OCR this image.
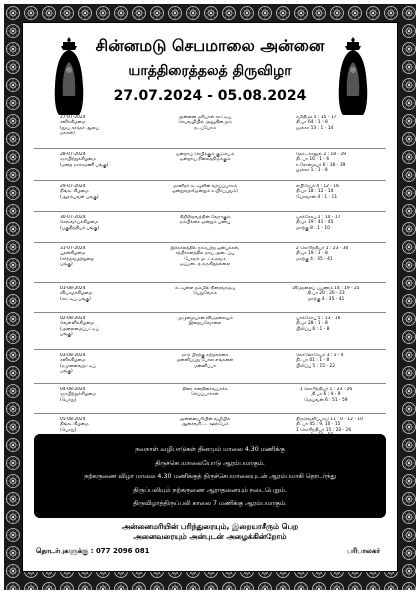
சின்னமடு செபமாலை அன்னை
யாத்திரைத்தலத் திருவிழா
27.07.2024 - 05.08.2024
27-07-2024
சனிக்கிழமை
(தூய கர்த்தர் ஆலய
மக்கள்)
அன்னை மரியாள் காட்டிய
செபவழியில் அனுதினமும்
நடப்போம்
சமிதிமச 5 : 15 - 17
தி.பா 64 : 1 - 8
லூக்கா 13 : 1 - 14
28-07-2024
ஞாயிற்றுக்கிழமை
(மறை நாகாமணி பங்கு)
ஒன்றாய் செபிக்கும் குடும்பம்
ஒன்றாய் நிலைத்திருக்கும்
தொடக்கநூல் 2 : 18 - 29
தி. பா 16 : 1 - 6
உரோமையர் 6 : 30 - 39
லூக்கா 1 : 1 - 8
29-07-2024
திங்கட்கிழமை
(ஆரம்பவள் பங்கு)
மானிதர் கடவுளின் வாய்ப்பாகம்
ஓன்றுவதா(ஓன்றும் உயிர்ப்பதும்)
எபிரேயர் 4 : 12 - 16
தி.பா 18 : 12 - 14
யோவான் 4 : 1 - 11
30-07-2024
செவ்வாய்க்கிழமை
(பகுதித்தியர் பங்கு)
கிறிஸ்தவத்தின் வேராகும்
நம்பிக்கை ஒன்றும் பணபு
யாக்கோபு 2 : 14 - 17
தி.பா 19 : 41 - 45
மாற்கு 8 : 1 - 10
31-07-2024
புதன்கிழமை
(சர்ந்தவழற்றுறை
பங்கு)
இக்காலத்தில் நாம்பற்ற ஓன்புக்கள்,
சந்திரகளத்தில் தாய் அடைப்பு
போதம் மடட்கருவம்
ஒப்படைத் தருகிறதல்லை
2 கொரிந்தியர் 1 : 23 - 30
தி.பா 19 : 1 - 8
மாற்கு 4 : 35 - 41
01-08-2024
வியாழக்கிழமை
(சாட்டிப் பங்கு)
கடவுளை தம்மில் நிரைவாழ்வு
பெறுவோம்
விடுதலைப் பயணம் 14 : 19 - 25
தி.பா 20 : 20 - 23
மாற்கு 4 : 35 - 41
02-08-2024
வெள்ளிக்கிழமை
(அலைமைப்பட்டிப்
பங்கு)
முழுமையான விடுதலையும்
இறையவோலை
யாக்கோபு 5 : 13 - 16
தி.பா 28 : 1 - 8
பிலிப்பு 6 : 1 - 8
03-08-2024
சனிக்கிழமை
(நமுனைவழ்ட்டிப்
பங்கு)
நாம் பிரற்கு கற்றலக்கை
மன்னிப்பது போல எங்களை
மன்னிப்பா
கொலோசேயர் 3 : 1 - 4
தி. பா 01 : 1 - 8
பிலிப்பு 5 : 15 - 22
04-08-2024
ஞாயிற்றுக்கிழமை
(பொது)
திரை எனதிசைவயாக்க
செய்ப்பார்கள்
1 கொரிந்தியர் 1 : 23 - 26
தி.பா 6 : 4 - 9
மெயவன் 6 : 51 - 59
05-08-2024
திங்கட்கிழமை
(பொது)
அன்னையரியின் வழியில்
ஆசைவரிட்ட ஊல்பேம்
திருவெளிப்பாடு 11 : 0 - 12 - 10
தி. பா 45 : 9, 10 - 15
1 கொரிந்தியர் 15 : 20 - 26
நவநாள் வழிபாடுகள் தினமும் மாலை 4.30 மணிக்கு
திருச்செபமாலையோடு ஆரம்பமாகும்.
நற்கருணை விழா மாலை 4.30 மணிக்குத் திருச்செபமாலையுடன் ஆரம்பமாகி தொடர்ந்து
திருப்பலியும் நற்கருணை ஆராதனையும் நடைபெறும்.
திருவிழாத்திருப்பலி காலை 7 மணிக்கு ஆரம்பமாகும்.
அன்னைமரியின் பரிந்துரையும், இறையாசீரும் பெற
அனைவரையும் அன்புடன் அழைக்கின்றோம்
தொடர்புகளுக்கு : 077 2096 081	பரிபாலகர்
